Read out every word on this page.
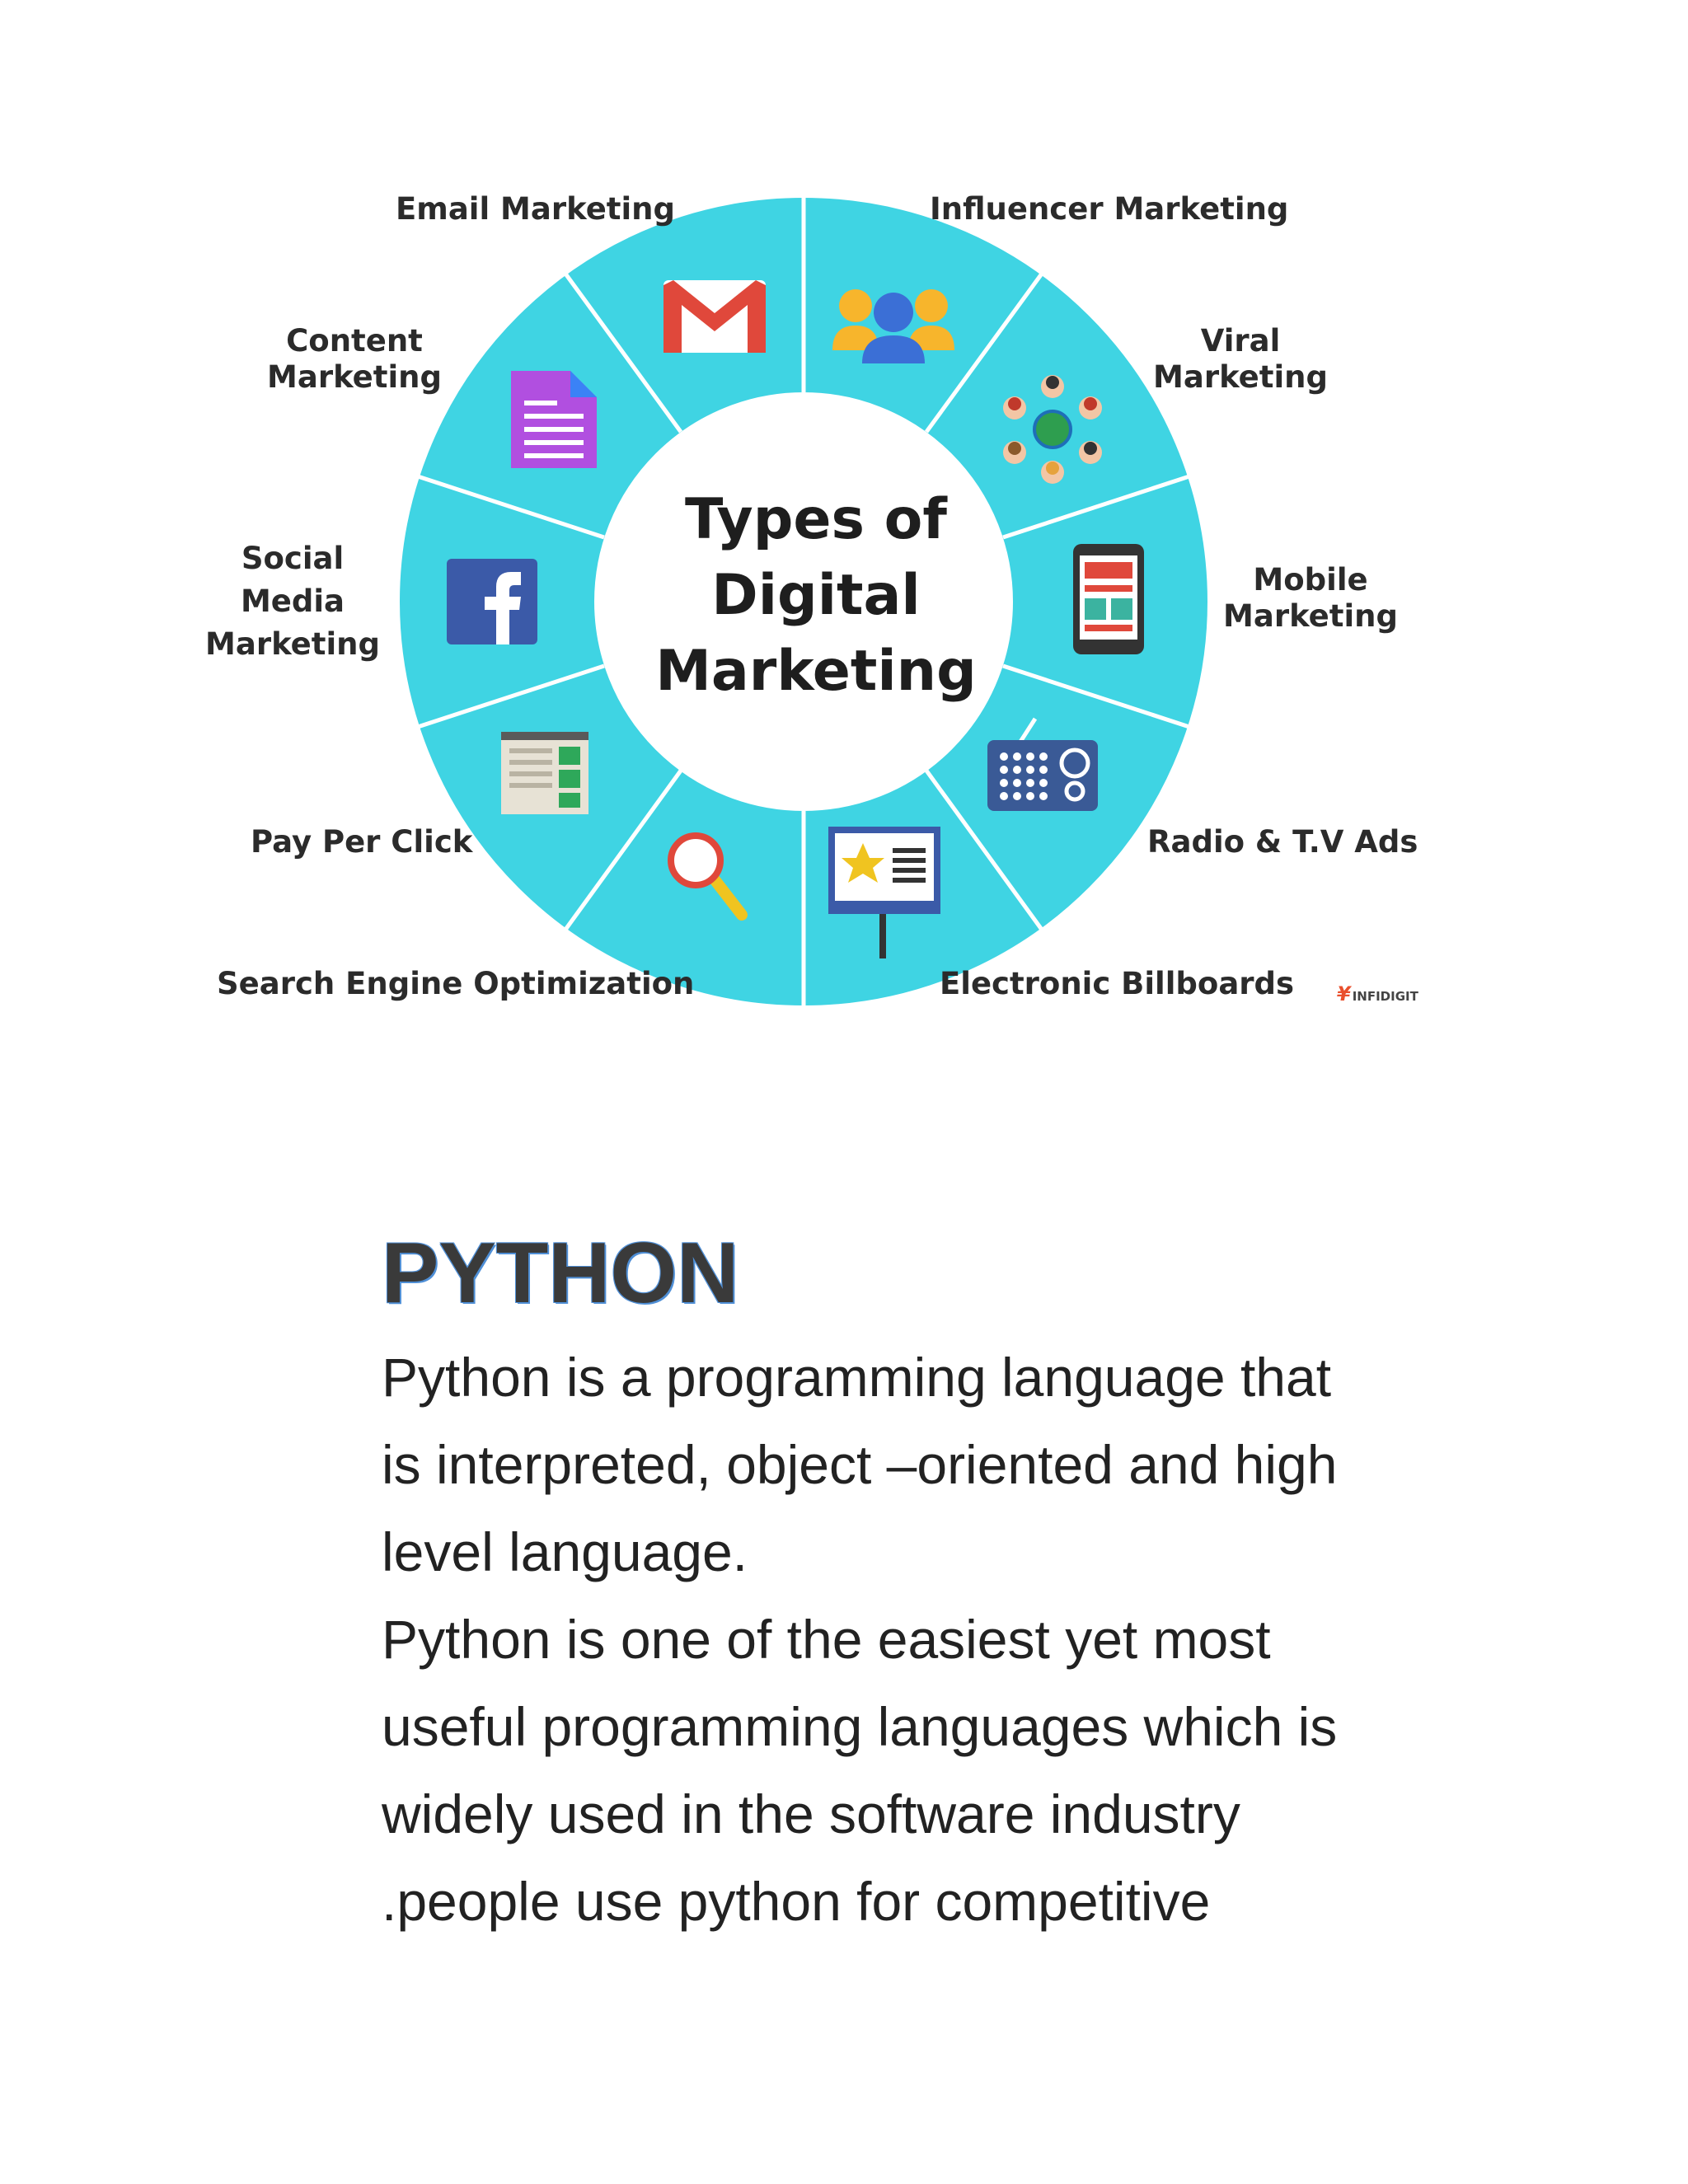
Types of
Digital
Marketing
Email Marketing	Influencer Marketing
Content
Marketing
Viral
Marketing
Social
Media
Marketing
Mobile
Marketing
Pay Per Click	Radio & T.V Ads
Search Engine Optimization	Electronic Billboards ¥ INFIDIGIT
PYTHON

Python is a programming language that

is interpreted, object –oriented and high

level language.

Python is one of the easiest yet most

useful programming languages which is

widely used in the software industry

.people use python for competitive
